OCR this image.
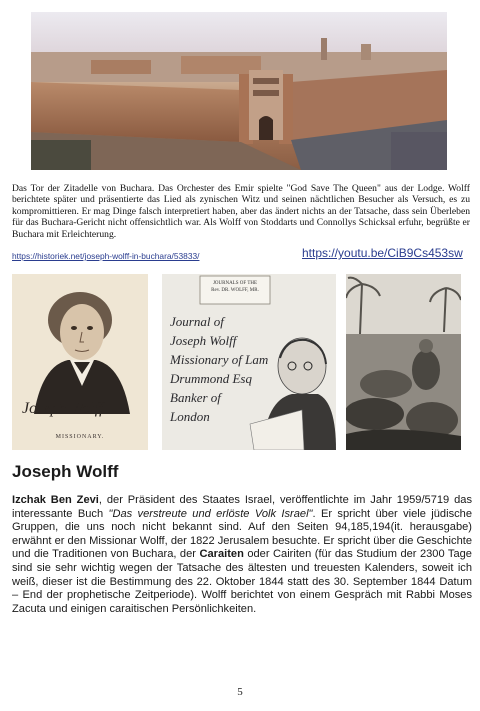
Das Tor der Zitadelle von Buchara. Das Orchester des Emir spielte "God Save The Queen" aus der Lodge. Wolff berichtete später und präsentierte das Lied als zynischen Witz und seinen nächtlichen Besucher als Versuch, es zu kompromittieren. Er mag Dinge falsch interpretiert haben, aber das ändert nichts an der Tatsache, dass sein Überleben für das Buchara-Gericht nicht offensichtlich war. Als Wolff von Stoddarts und Connollys Schicksal erfuhr, begrüßte er Buchara mit Erleichterung.
https://historiek.net/joseph-wolff-in-buchara/53833/	https://youtu.be/CiB9Cs453sw
Joseph Wolff
MISSIONARY.
JOURNALS OF THE
Rev. DR. WOLFF, MR.
Journal of
Joseph Wolff
Missionary of Lam
Drummond Esq
Banker of
London
Joseph Wolff
Izchak Ben Zevi, der Präsident des Staates Israel, veröffentlichte im Jahr 1959/5719 das interessante Buch "Das verstreute und erlöste Volk Israel". Er spricht über viele jüdische Gruppen, die uns noch nicht bekannt sind. Auf den Seiten 94,185,194(it. herausgabe) erwähnt er den Missionar Wolff, der 1822 Jerusalem besuchte. Er spricht über die Geschichte und die Traditionen von Buchara, der Caraiten oder Cairiten (für das Studium der 2300 Tage sind sie sehr wichtig wegen der Tatsache des ältesten und treuesten Kalenders, soweit ich weiß, dieser ist die Bestimmung des 22. Oktober 1844 statt des 30. September 1844 Datum – End der prophetische Zeitperiode). Wolff berichtet von einem Gespräch mit Rabbi Moses Zacuta und einigen caraitischen Persönlichkeiten.
5
